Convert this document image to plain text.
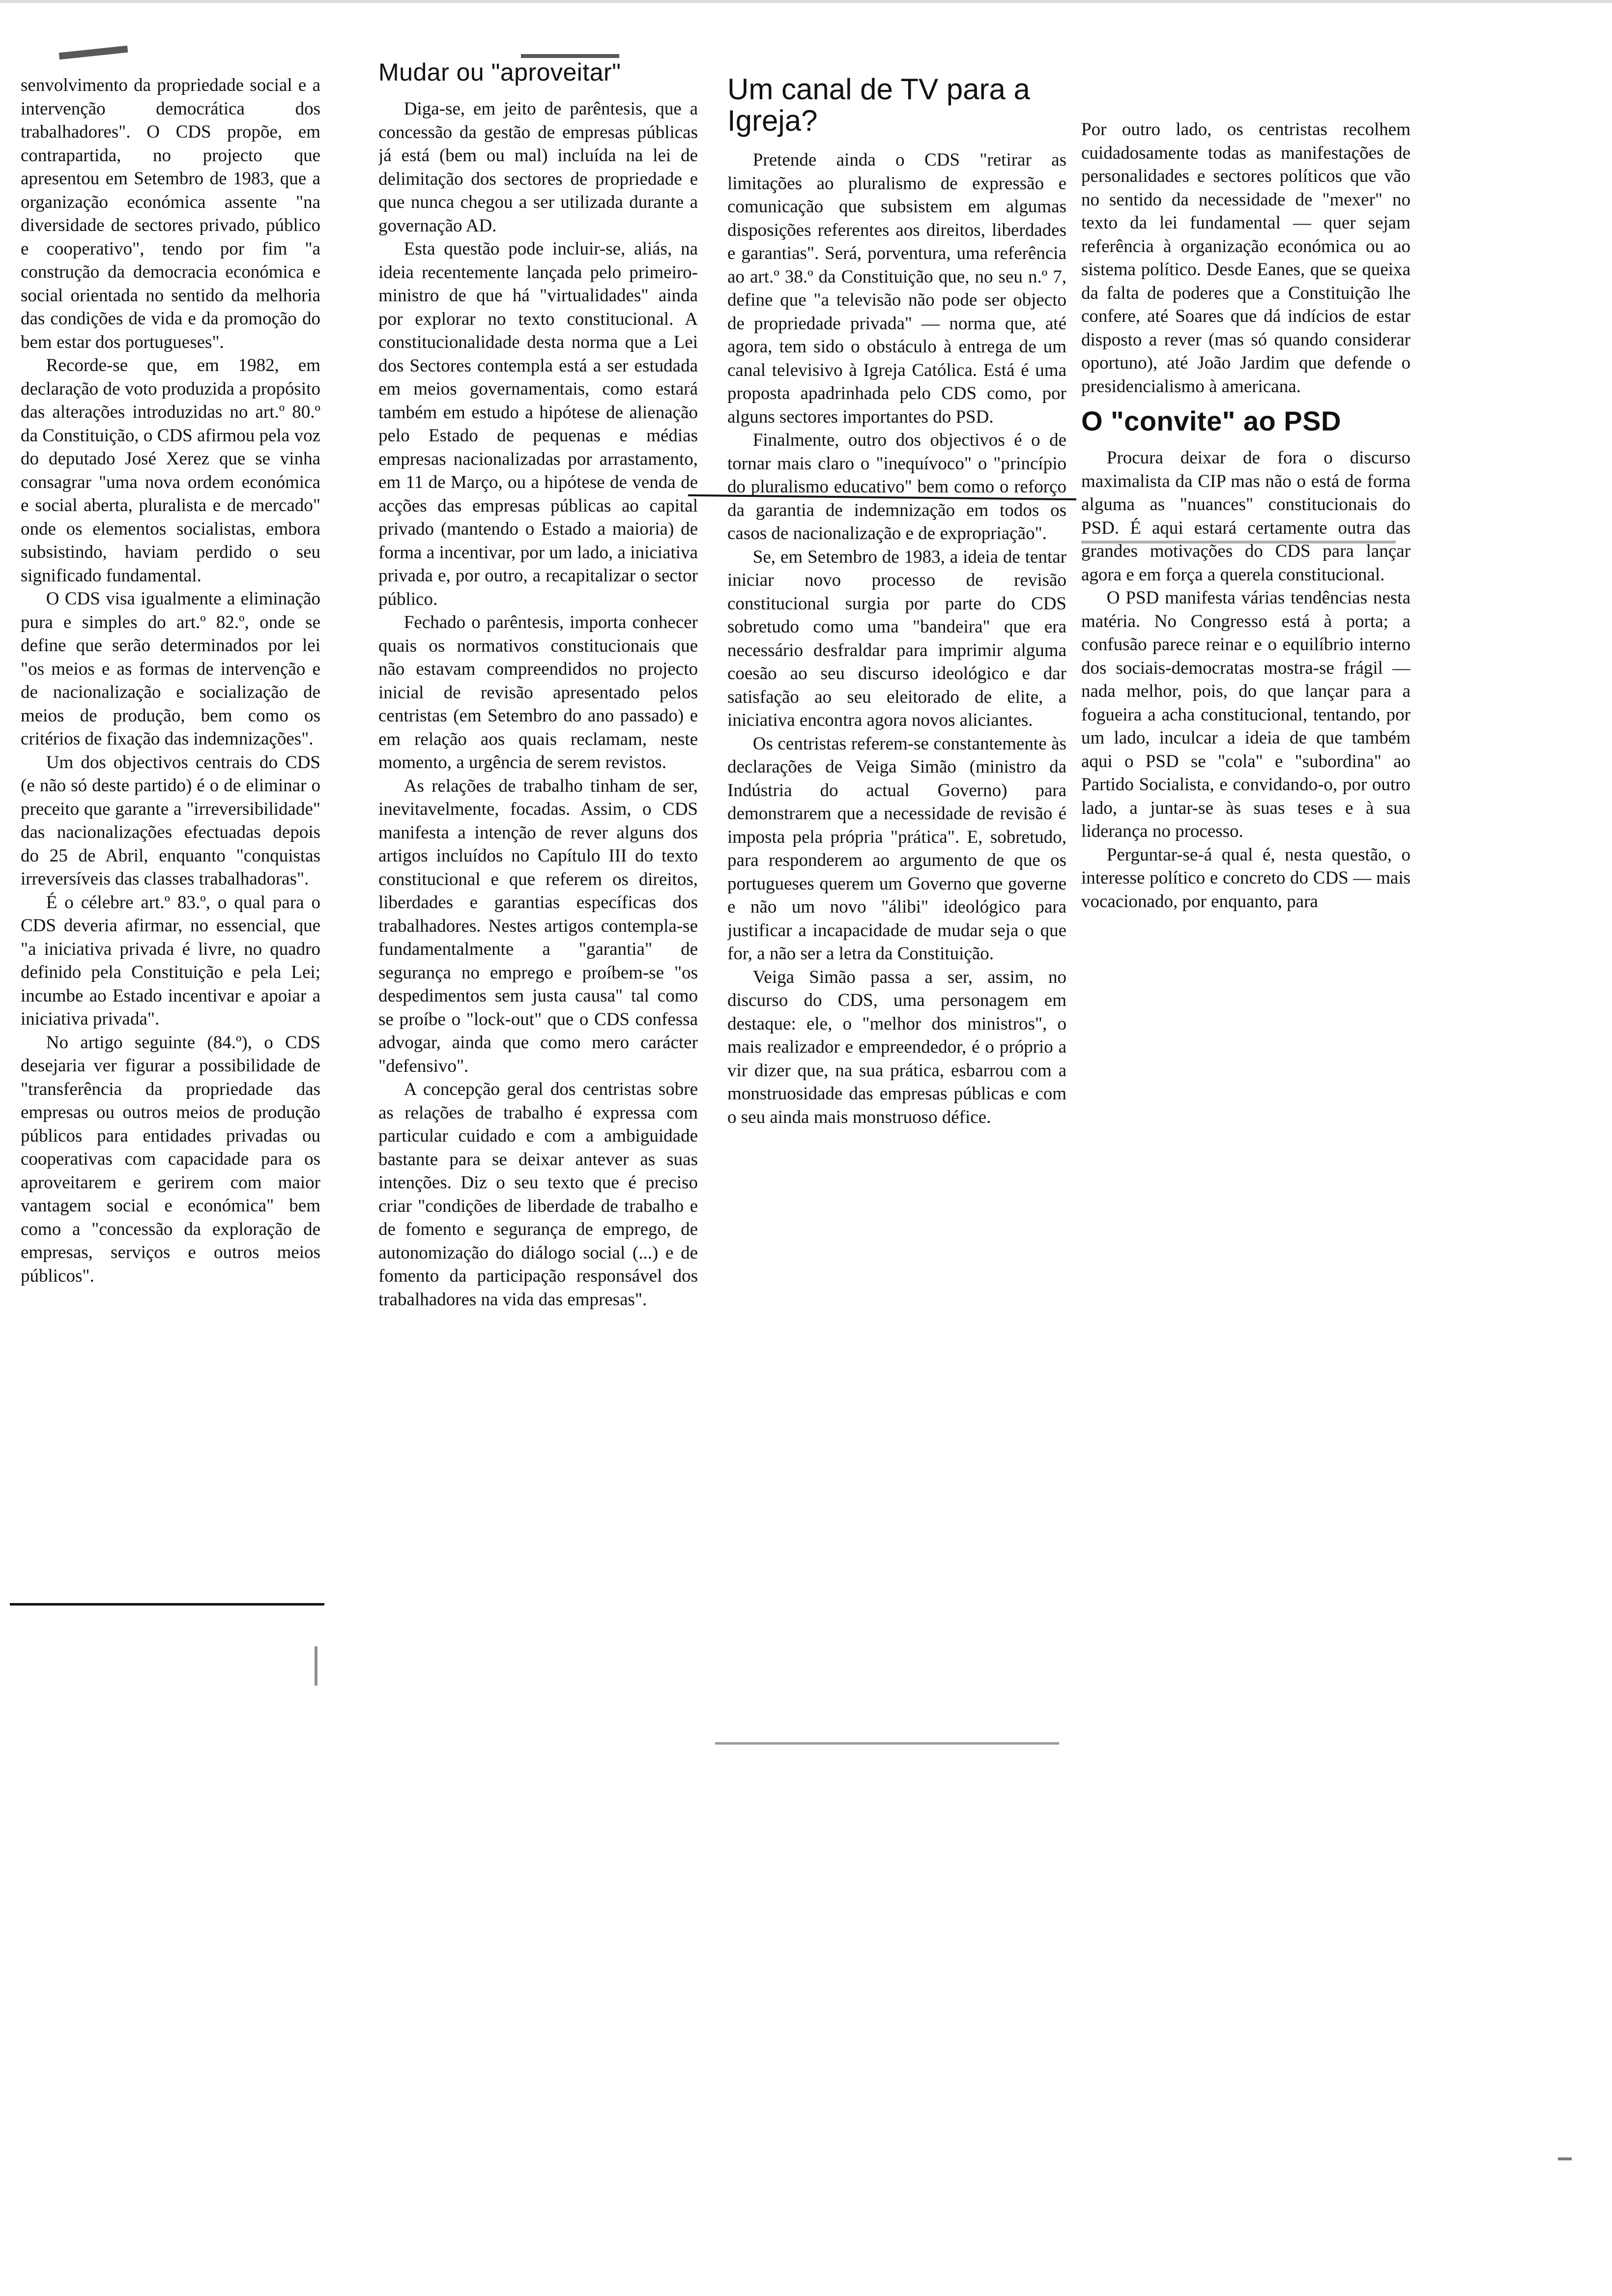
senvolvimento da propriedade social e a intervenção democrática dos trabalhadores". O CDS propõe, em contrapartida, no projecto que apresentou em Setembro de 1983, que a organização económica assente "na diversidade de sectores privado, público e cooperativo", tendo por fim "a construção da democracia económica e social orientada no sentido da melhoria das condições de vida e da promoção do bem estar dos portugueses".

Recorde-se que, em 1982, em declaração de voto produzida a propósito das alterações introduzidas no art.º 80.º da Constituição, o CDS afirmou pela voz do deputado José Xerez que se vinha consagrar "uma nova ordem económica e social aberta, pluralista e de mercado" onde os elementos socialistas, embora subsistindo, haviam perdido o seu significado fundamental.

O CDS visa igualmente a eliminação pura e simples do art.º 82.º, onde se define que serão determinados por lei "os meios e as formas de intervenção e de nacionalização e socialização de meios de produção, bem como os critérios de fixação das indemnizações".

Um dos objectivos centrais do CDS (e não só deste partido) é o de eliminar o preceito que garante a "irreversibilidade" das nacionalizações efectuadas depois do 25 de Abril, enquanto "conquistas irreversíveis das classes trabalhadoras".

É o célebre art.º 83.º, o qual para o CDS deveria afirmar, no essencial, que "a iniciativa privada é livre, no quadro definido pela Constituição e pela Lei; incumbe ao Estado incentivar e apoiar a iniciativa privada".

No artigo seguinte (84.º), o CDS desejaria ver figurar a possibilidade de "transferência da propriedade das empresas ou outros meios de produção públicos para entidades privadas ou cooperativas com capacidade para os aproveitarem e gerirem com maior vantagem social e económica" bem como a "concessão da exploração de empresas, serviços e outros meios públicos".

Mudar ou "aproveitar"

Diga-se, em jeito de parêntesis, que a concessão da gestão de empresas públicas já está (bem ou mal) incluída na lei de delimitação dos sectores de propriedade e que nunca chegou a ser utilizada durante a governação AD.

Esta questão pode incluir-se, aliás, na ideia recentemente lançada pelo primeiro-ministro de que há "virtualidades" ainda por explorar no texto constitucional. A constitucionalidade desta norma que a Lei dos Sectores contempla está a ser estudada em meios governamentais, como estará também em estudo a hipótese de alienação pelo Estado de pequenas e médias empresas nacionalizadas por arrastamento, em 11 de Março, ou a hipótese de venda de acções das empresas públicas ao capital privado (mantendo o Estado a maioria) de forma a incentivar, por um lado, a iniciativa privada e, por outro, a recapitalizar o sector público.

Fechado o parêntesis, importa conhecer quais os normativos constitucionais que não estavam compreendidos no projecto inicial de revisão apresentado pelos centristas (em Setembro do ano passado) e em relação aos quais reclamam, neste momento, a urgência de serem revistos.

As relações de trabalho tinham de ser, inevitavelmente, focadas. Assim, o CDS manifesta a intenção de rever alguns dos artigos incluídos no Capítulo III do texto constitucional e que referem os direitos, liberdades e garantias específicas dos trabalhadores. Nestes artigos contempla-se fundamentalmente a "garantia" de segurança no emprego e proíbem-se "os despedimentos sem justa causa" tal como se proíbe o "lock-out" que o CDS confessa advogar, ainda que como mero carácter "defensivo".

A concepção geral dos centristas sobre as relações de trabalho é expressa com particular cuidado e com a ambiguidade bastante para se deixar antever as suas intenções. Diz o seu texto que é preciso criar "condições de liberdade de trabalho e de fomento e segurança de emprego, de autonomização do diálogo social (...) e de fomento da participação responsável dos trabalhadores na vida das empresas".

Um canal de TV para a Igreja?

Pretende ainda o CDS "retirar as limitações ao pluralismo de expressão e comunicação que subsistem em algumas disposições referentes aos direitos, liberdades e garantias". Será, porventura, uma referência ao art.º 38.º da Constituição que, no seu n.º 7, define que "a televisão não pode ser objecto de propriedade privada" — norma que, até agora, tem sido o obstáculo à entrega de um canal televisivo à Igreja Católica. Está é uma proposta apadrinhada pelo CDS como, por alguns sectores importantes do PSD.

Finalmente, outro dos objectivos é o de tornar mais claro o "inequívoco" o "princípio do pluralismo educativo" bem como o reforço da garantia de indemnização em todos os casos de nacionalização e de expropriação".

Se, em Setembro de 1983, a ideia de tentar iniciar novo processo de revisão constitucional surgia por parte do CDS sobretudo como uma "bandeira" que era necessário desfraldar para imprimir alguma coesão ao seu discurso ideológico e dar satisfação ao seu eleitorado de elite, a iniciativa encontra agora novos aliciantes.

Os centristas referem-se constantemente às declarações de Veiga Simão (ministro da Indústria do actual Governo) para demonstrarem que a necessidade de revisão é imposta pela própria "prática". E, sobretudo, para responderem ao argumento de que os portugueses querem um Governo que governe e não um novo "álibi" ideológico para justificar a incapacidade de mudar seja o que for, a não ser a letra da Constituição.

Veiga Simão passa a ser, assim, no discurso do CDS, uma personagem em destaque: ele, o "melhor dos ministros", o mais realizador e empreendedor, é o próprio a vir dizer que, na sua prática, esbarrou com a monstruosidade das empresas públicas e com o seu ainda mais monstruoso défice.

Por outro lado, os centristas recolhem cuidadosamente todas as manifestações de personalidades e sectores políticos que vão no sentido da necessidade de "mexer" no texto da lei fundamental — quer sejam referência à organização económica ou ao sistema político. Desde Eanes, que se queixa da falta de poderes que a Constituição lhe confere, até Soares que dá indícios de estar disposto a rever (mas só quando considerar oportuno), até João Jardim que defende o presidencialismo à americana.

O "convite" ao PSD

Procura deixar de fora o discurso maximalista da CIP mas não o está de forma alguma as "nuances" constitucionais do PSD. É aqui estará certamente outra das grandes motivações do CDS para lançar agora e em força a querela constitucional.

O PSD manifesta várias tendências nesta matéria. No Congresso está à porta; a confusão parece reinar e o equilíbrio interno dos sociais-democratas mostra-se frágil — nada melhor, pois, do que lançar para a fogueira a acha constitucional, tentando, por um lado, inculcar a ideia de que também aqui o PSD se "cola" e "subordina" ao Partido Socialista, e convidando-o, por outro lado, a juntar-se às suas teses e à sua liderança no processo.

Perguntar-se-á qual é, nesta questão, o interesse político e concreto do CDS — mais vocacionado, por enquanto, para
